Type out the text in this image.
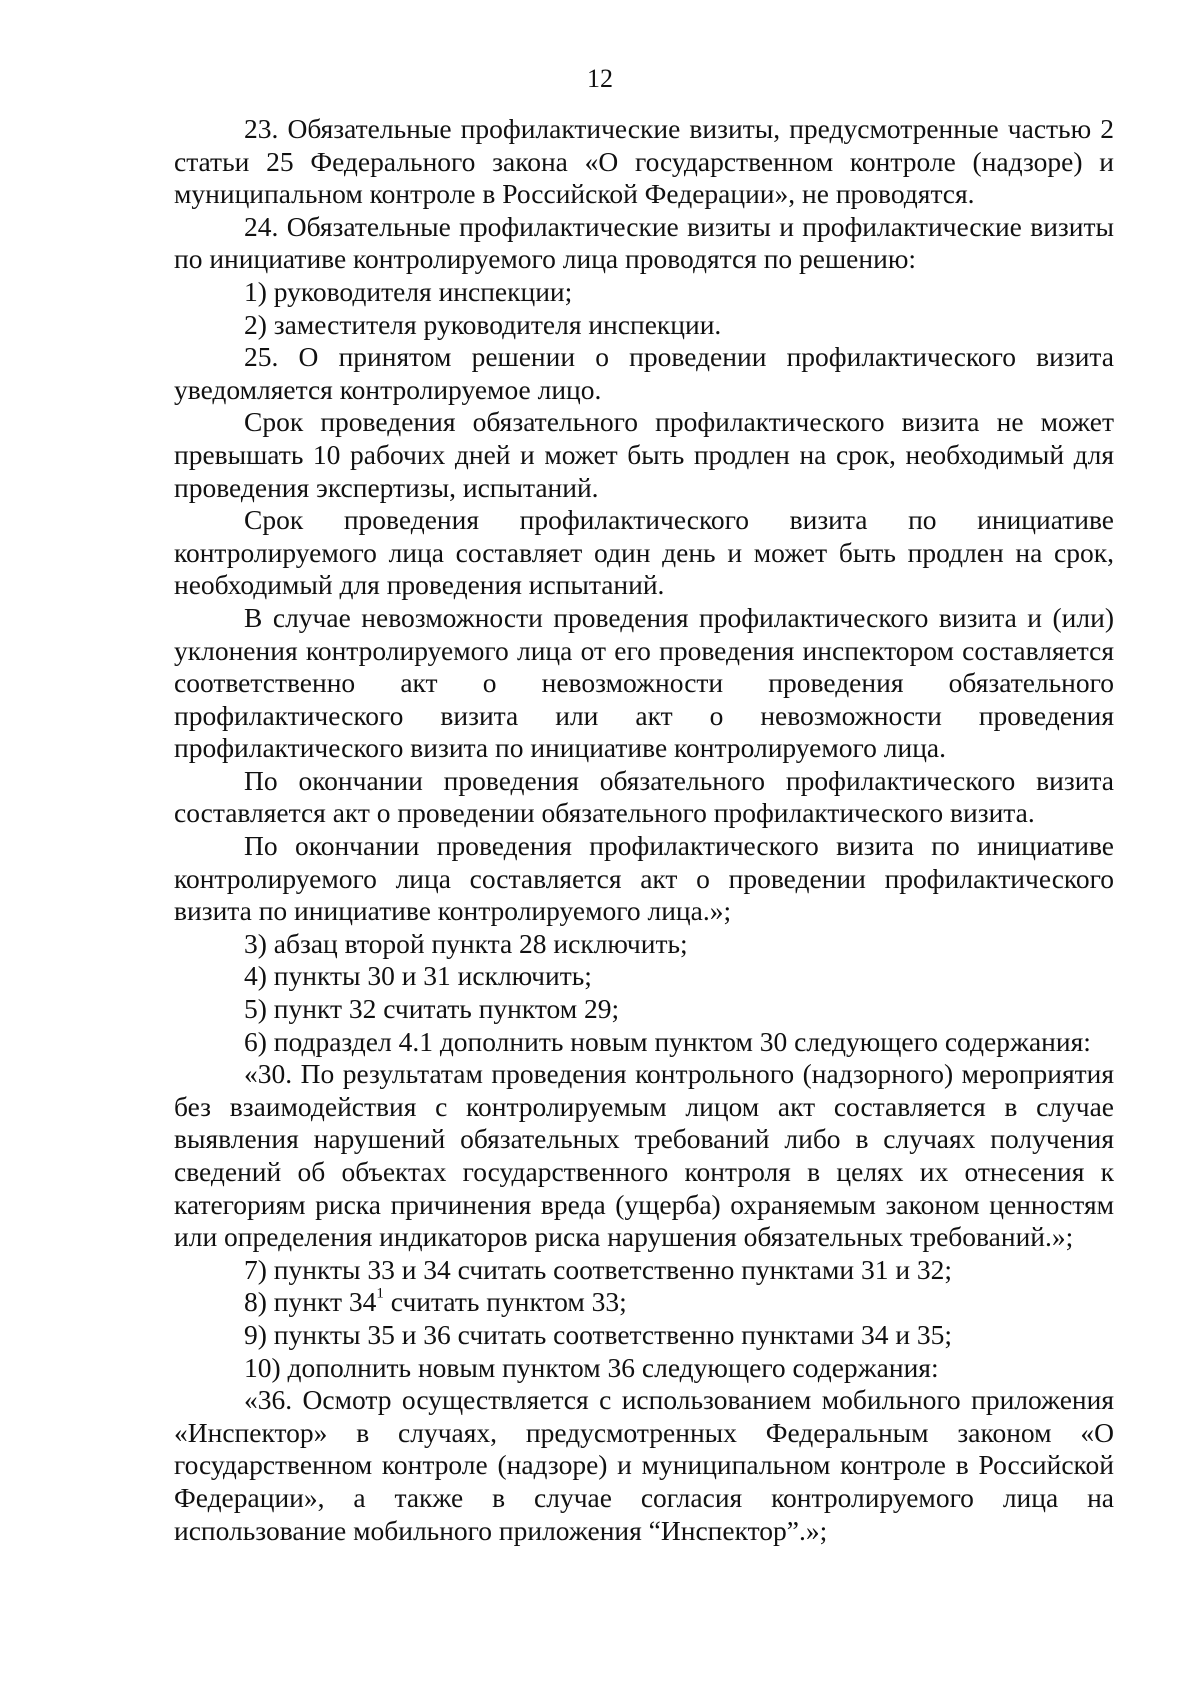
12

23. Обязательные профилактические визиты, предусмотренные частью 2 статьи 25 Федерального закона «О государственном контроле (надзоре) и муниципальном контроле в Российской Федерации», не проводятся.

24. Обязательные профилактические визиты и профилактические визиты по инициативе контролируемого лица проводятся по решению:

1) руководителя инспекции;

2) заместителя руководителя инспекции.

25. О принятом решении о проведении профилактического визита уведомляется контролируемое лицо.

Срок проведения обязательного профилактического визита не может превышать 10 рабочих дней и может быть продлен на срок, необходимый для проведения экспертизы, испытаний.

Срок проведения профилактического визита по инициативе контролируемого лица составляет один день и может быть продлен на срок, необходимый для проведения испытаний.

В случае невозможности проведения профилактического визита и (или) уклонения контролируемого лица от его проведения инспектором составляется соответственно акт о невозможности проведения обязательного профилактического визита или акт о невозможности проведения профилактического визита по инициативе контролируемого лица.

По окончании проведения обязательного профилактического визита составляется акт о проведении обязательного профилактического визита.

По окончании проведения профилактического визита по инициативе контролируемого лица составляется акт о проведении профилактического визита по инициативе контролируемого лица.»;

3) абзац второй пункта 28 исключить;

4) пункты 30 и 31 исключить;

5) пункт 32 считать пунктом 29;

6) подраздел 4.1 дополнить новым пунктом 30 следующего содержания:

«30. По результатам проведения контрольного (надзорного) мероприятия без взаимодействия с контролируемым лицом акт составляется в случае выявления нарушений обязательных требований либо в случаях получения сведений об объектах государственного контроля в целях их отнесения к категориям риска причинения вреда (ущерба) охраняемым законом ценностям или определения индикаторов риска нарушения обязательных требований.»;

7) пункты 33 и 34 считать соответственно пунктами 31 и 32;

8) пункт $34^1$ считать пунктом 33;

9) пункты 35 и 36 считать соответственно пунктами 34 и 35;

10) дополнить новым пунктом 36 следующего содержания:

«36. Осмотр осуществляется с использованием мобильного приложения «Инспектор» в случаях, предусмотренных Федеральным законом «О государственном контроле (надзоре) и муниципальном контроле в Российской Федерации», а также в случае согласия контролируемого лица на использование мобильного приложения “Инспектор”.»;
